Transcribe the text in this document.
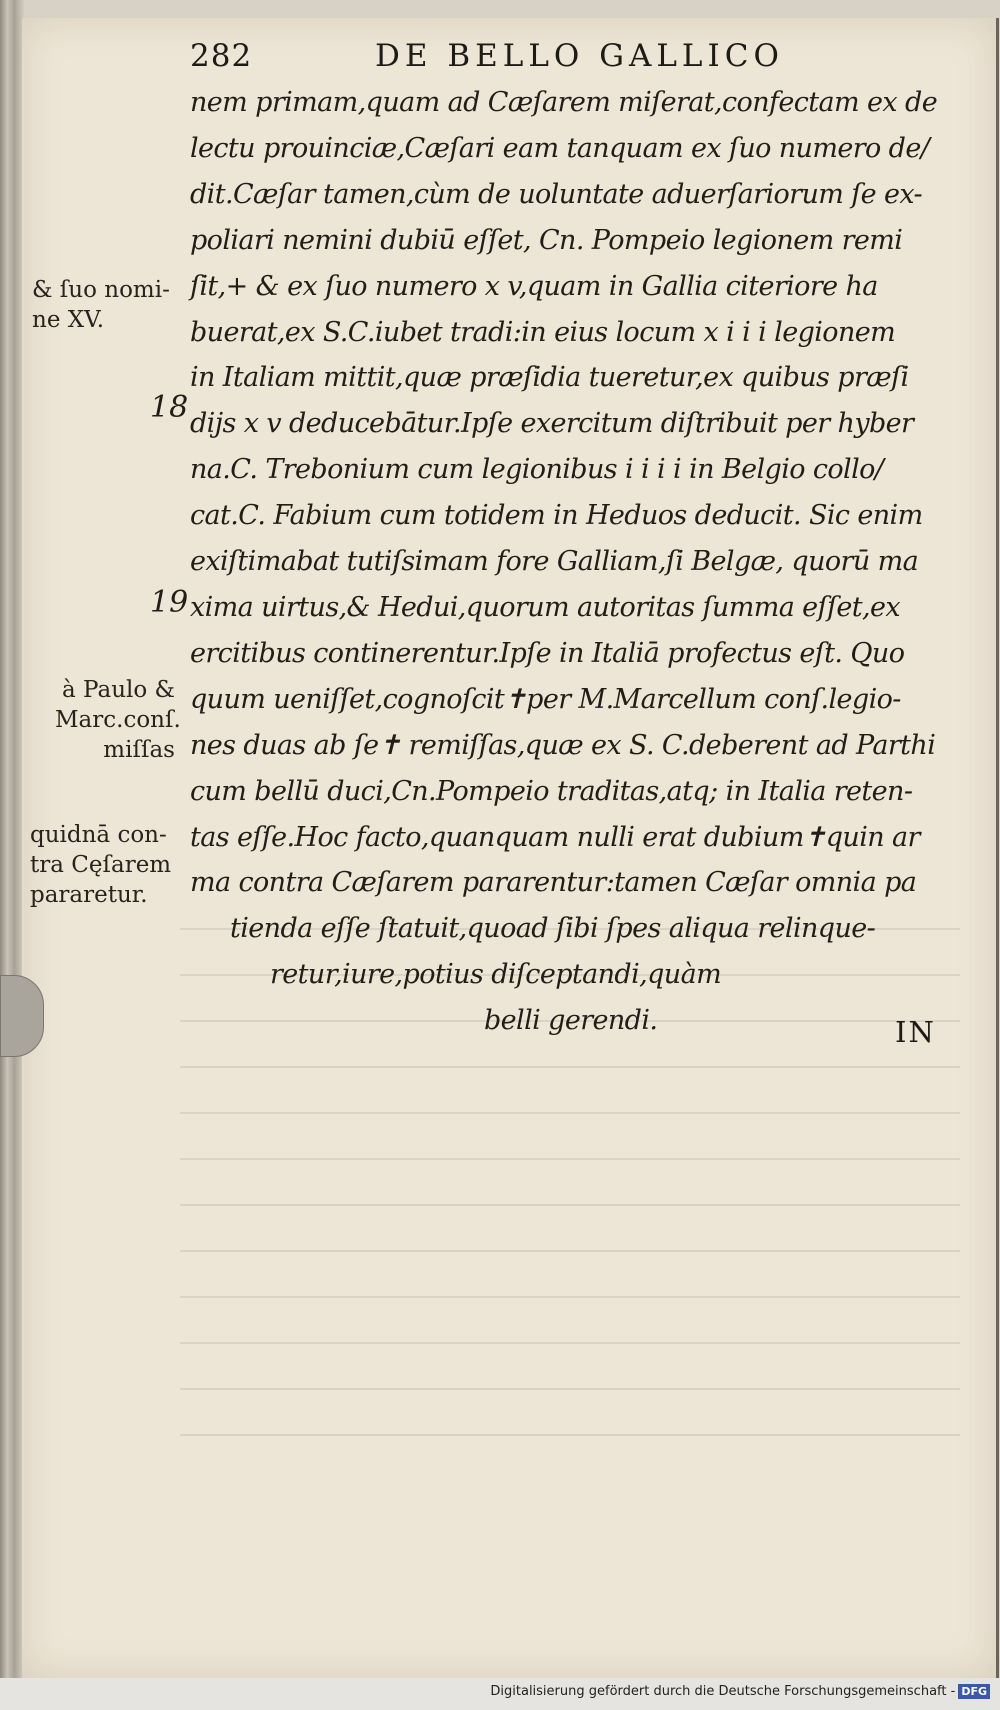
282	DE BELLO GALLICO
nem primam,quam ad Cæſarem miſerat,confectam ex de
lectu prouinciæ,Cæſari eam tanquam ex ſuo numero de/
dit.Cæſar tamen,cùm de uoluntate aduerſariorum ſe ex-
poliari nemini dubiū eſſet, Cn. Pompeio legionem remi
ſit,+ & ex ſuo numero x v,quam in Gallia citeriore ha
buerat,ex S.C.iubet tradi:in eius locum x i i i legionem
in Italiam mittit,quæ præſidia tueretur,ex quibus præſi
dijs x v deducebātur.Ipſe exercitum diſtribuit per hyber
na.C. Trebonium cum legionibus i i i i in Belgio collo/
cat.C. Fabium cum totidem in Heduos deducit. Sic enim
exiſtimabat tutiſsimam fore Galliam,ſi Belgæ, quorū ma
xima uirtus,& Hedui,quorum autoritas ſumma eſſet,ex
ercitibus continerentur.Ipſe in Italiā profectus eſt. Quo
quum ueniſſet,cognoſcit✝per M.Marcellum conſ.legio-
nes duas ab ſe✝ remiſſas,quæ ex S. C.deberent ad Parthi
cum bellū duci,Cn.Pompeio traditas,atq; in Italia reten-
tas eſſe.Hoc facto,quanquam nulli erat dubium✝quin ar
ma contra Cæſarem pararentur:tamen Cæſar omnia pa
tienda eſſe ſtatuit,quoad ſibi ſpes aliqua relinque-
retur,iure,potius diſceptandi,quàm
belli gerendi.	IN
& ſuo nomi-
ne XV.
18
19
à Paulo &
Marc.conſ.
miſſas
quidnā con-
tra Cęſarem
pararetur.
Digitalisierung gefördert durch die Deutsche Forschungsgemeinschaft - DFG
